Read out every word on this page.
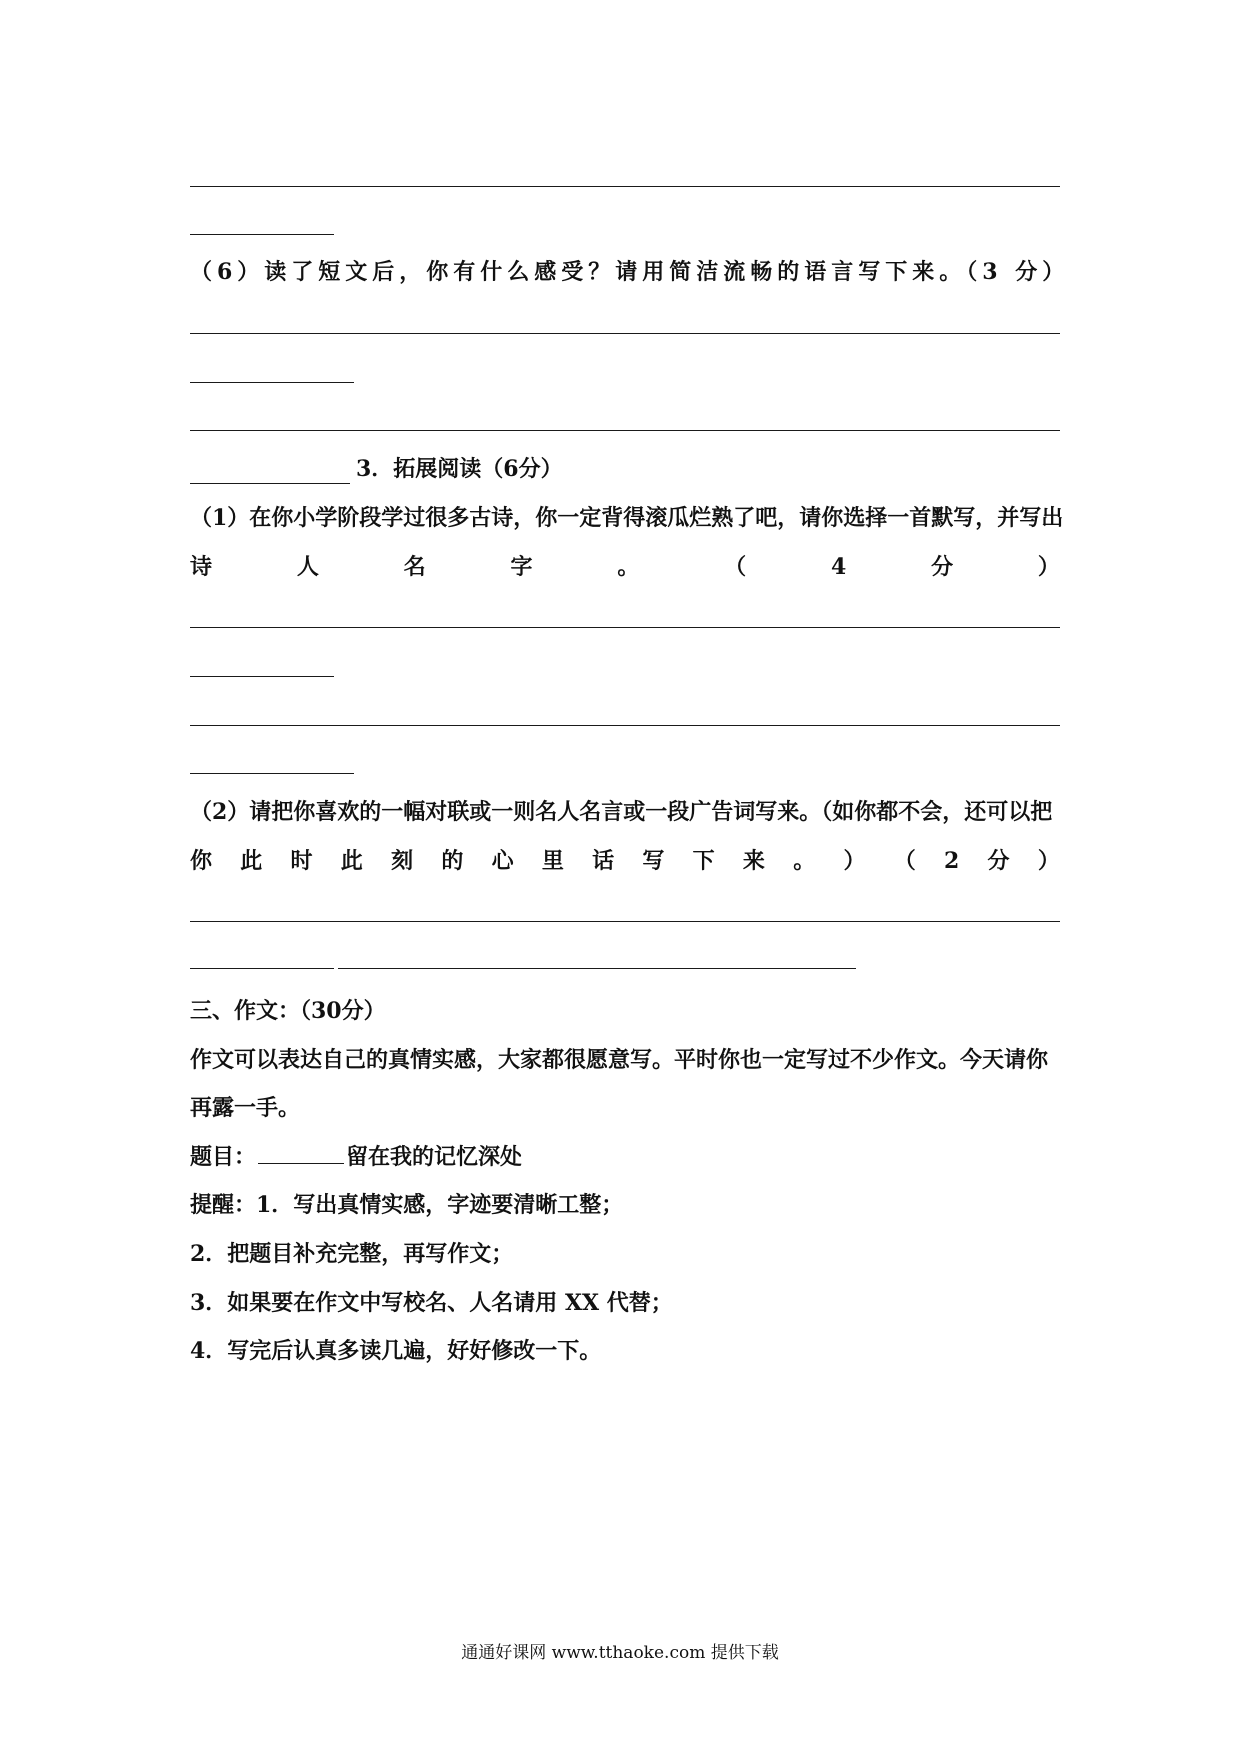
（6）读了短文后，你有什么感受？请用简洁流畅的语言写下来。（3 分）
3．拓展阅读（6分）
（1）在你小学阶段学过很多古诗，你一定背得滚瓜烂熟了吧，请你选择一首默写，并写出
诗	人	名	字	。	（	4	分	）
（2）请把你喜欢的一幅对联或一则名人名言或一段广告词写来。（如你都不会，还可以把
你 此 时 此 刻 的 心 里 话 写 下 来 。 ） （ 2 分 ）
三、作文：（30分）
作文可以表达自己的真情实感，大家都很愿意写。平时你也一定写过不少作文。今天请你
再露一手。
题目：	留在我的记忆深处
提醒：1．写出真情实感，字迹要清晰工整；
2．把题目补充完整，再写作文；
3．如果要在作文中写校名、人名请用 XX 代替；
4．写完后认真多读几遍，好好修改一下。
通通好课网 www.tthaoke.com 提供下载
